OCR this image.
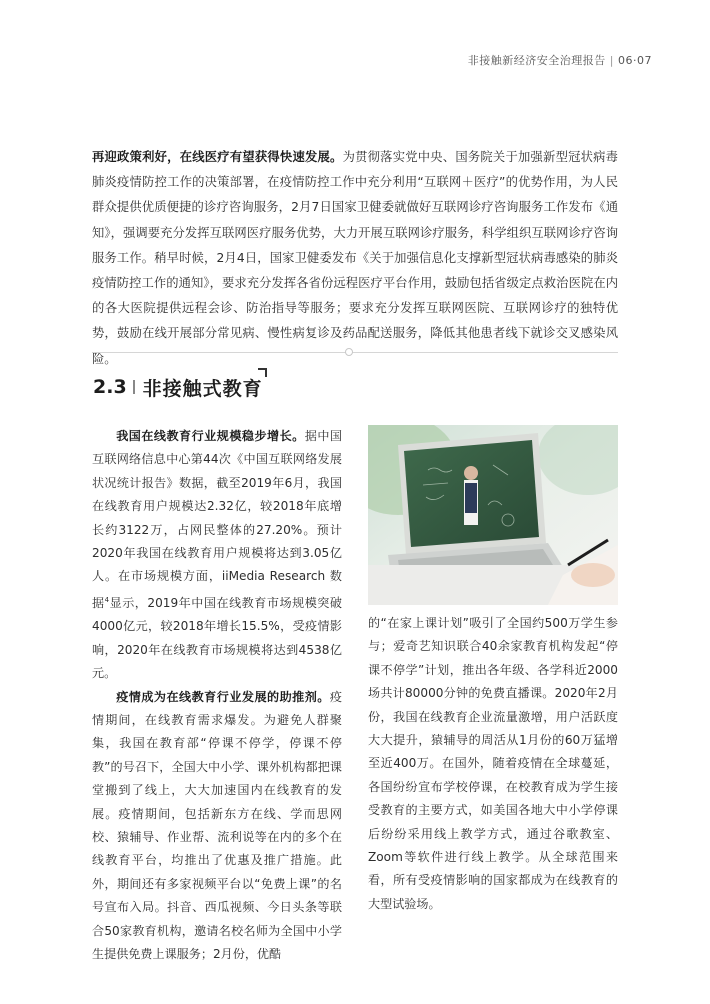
非接触新经济安全治理报告 | 06·07
再迎政策利好，在线医疗有望获得快速发展。为贯彻落实党中央、国务院关于加强新型冠状病毒肺炎疫情防控工作的决策部署，在疫情防控工作中充分利用“互联网＋医疗”的优势作用，为人民群众提供优质便捷的诊疗咨询服务，2月7日国家卫健委就做好互联网诊疗咨询服务工作发布《通知》，强调要充分发挥互联网医疗服务优势，大力开展互联网诊疗服务，科学组织互联网诊疗咨询服务工作。稍早时候，2月4日，国家卫健委发布《关于加强信息化支撑新型冠状病毒感染的肺炎疫情防控工作的通知》，要求充分发挥各省份远程医疗平台作用，鼓励包括省级定点救治医院在内的各大医院提供远程会诊、防治指导等服务；要求充分发挥互联网医院、互联网诊疗的独特优势，鼓励在线开展部分常见病、慢性病复诊及药品配送服务，降低其他患者线下就诊交叉感染风险。
2.3 非接触式教育

我国在线教育行业规模稳步增长。据中国互联网络信息中心第44次《中国互联网络发展状况统计报告》数据，截至2019年6月，我国在线教育用户规模达2.32亿，较2018年底增长约3122万，占网民整体的27.20%。预计2020年我国在线教育用户规模将达到3.05亿人。在市场规模方面，iiMedia Research 数据$^4$显示，2019年中国在线教育市场规模突破4000亿元，较2018年增长15.5%，受疫情影响，2020年在线教育市场规模将达到4538亿元。

疫情成为在线教育行业发展的助推剂。疫情期间，在线教育需求爆发。为避免人群聚集，我国在教育部“停课不停学，停课不停教”的号召下，全国大中小学、课外机构都把课堂搬到了线上，大大加速国内在线教育的发展。疫情期间，包括新东方在线、学而思网校、猿辅导、作业帮、流利说等在内的多个在线教育平台，均推出了优惠及推广措施。此外，期间还有多家视频平台以“免费上课”的名号宣布入局。抖音、西瓜视频、今日头条等联合50家教育机构，邀请名校名师为全国中小学生提供免费上课服务；2月份，优酷

的“在家上课计划”吸引了全国约500万学生参与；爱奇艺知识联合40余家教育机构发起“停课不停学”计划，推出各年级、各学科近2000场共计80000分钟的免费直播课。2020年2月份，我国在线教育企业流量激增，用户活跃度大大提升，猿辅导的周活从1月份的60万猛增至近400万。在国外，随着疫情在全球蔓延，各国纷纷宣布学校停课，在校教育成为学生接受教育的主要方式，如美国各地大中小学停课后纷纷采用线上教学方式，通过谷歌教室、Zoom等软件进行线上教学。从全球范围来看，所有受疫情影响的国家都成为在线教育的大型试验场。
